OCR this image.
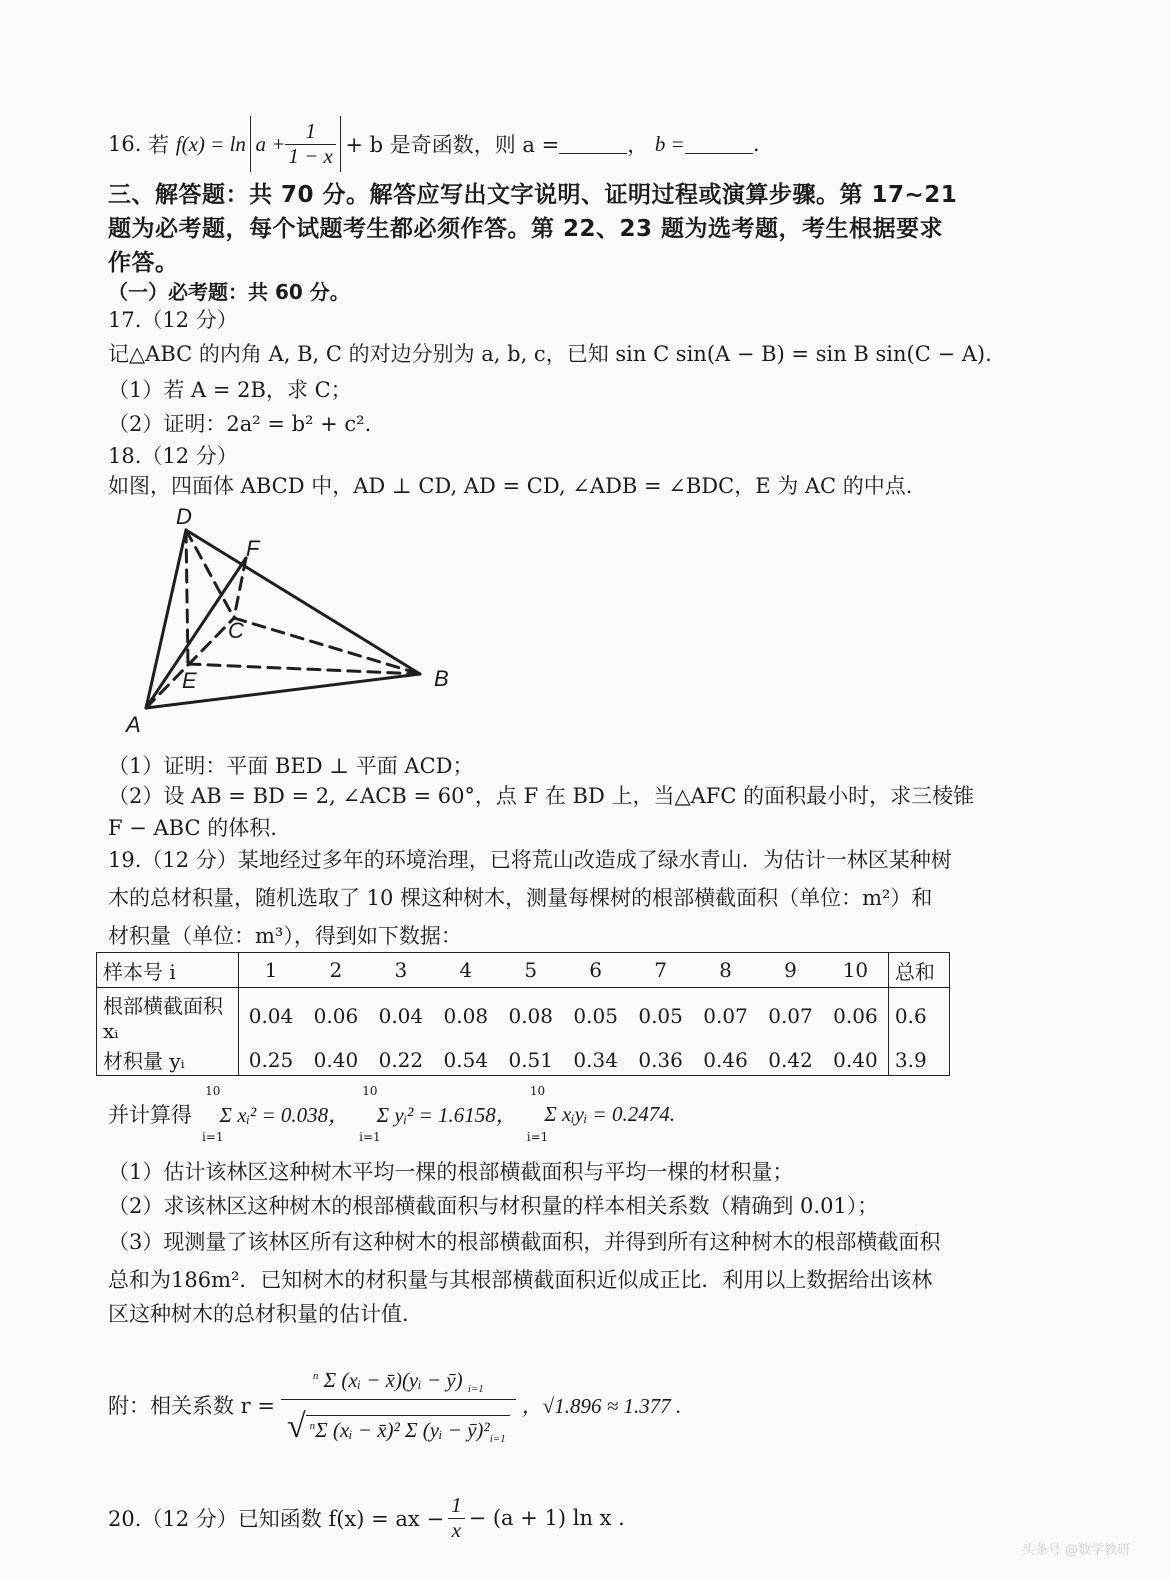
16.
若
$f(x) = \ln a + \frac{1}{1 - x} + b$ 是奇函数，则 a =	，
b =	.
三、解答题：共 70 分。解答应写出文字说明、证明过程或演算步骤。第 17~21
题为必考题，每个试题考生都必须作答。第 22、23 题为选考题，考生根据要求
作答。
（一）必考题：共 60 分。
17.（12 分）
记△ABC 的内角 A, B, C 的对边分别为 a, b, c，已知 sin C sin(A − B) = sin B sin(C − A).
（1）若 A = 2B，求 C；
（2）证明：2a² = b² + c².
18.（12 分）
如图，四面体 ABCD 中，AD ⊥ CD, AD = CD, ∠ADB = ∠BDC，E 为 AC 的中点.
D
F
C
E	B
A
（1）证明：平面 BED ⊥ 平面 ACD；
（2）设 AB = BD = 2, ∠ACB = 60°，点 F 在 BD 上，当△AFC 的面积最小时，求三棱锥
F − ABC 的体积.
19.（12 分）某地经过多年的环境治理，已将荒山改造成了绿水青山．为估计一林区某种树
木的总材积量，随机选取了 10 棵这种树木，测量每棵树的根部横截面积（单位：m²）和
材积量（单位：m³），得到如下数据：
样本号 i	1	2	3	4	5	6	7	8	9	10	总和
根部横截面积 xᵢ	0.04	0.06	0.04	0.08	0.08	0.05	0.05	0.07	0.07	0.06	0.6
材积量 yᵢ	0.25	0.40	0.22	0.54	0.51	0.34	0.36	0.46	0.42	0.40	3.9
并计算得
10
i=1
Σ xᵢ² = 0.038，
10
i=1
Σ yᵢ² = 1.6158，
10
i=1
Σ xᵢyᵢ = 0.2474.
（1）估计该林区这种树木平均一棵的根部横截面积与平均一棵的材积量；
（2）求该林区这种树木的根部横截面积与材积量的样本相关系数（精确到 0.01）；
（3）现测量了该林区所有这种树木的根部横截面积，并得到所有这种树木的根部横截面积
总和为186m²．已知树木的材积量与其根部横截面积近似成正比．利用以上数据给出该林
区这种树木的总材积量的估计值．
附：相关系数 $r = \frac{^n \Sigma (xᵢ - x̄)(yᵢ - ȳ) _{i=1}}{√ ^n\Sigma (xᵢ - x̄)^2 \Sigma (yᵢ - ȳ)^2_{i=1}}$ ，√1.896 ≈ 1.377 .
20.（12 分）已知函数 f(x) = ax − $\frac{1}{x} - (a + 1)$ ln x .
头条号 @数学教研
